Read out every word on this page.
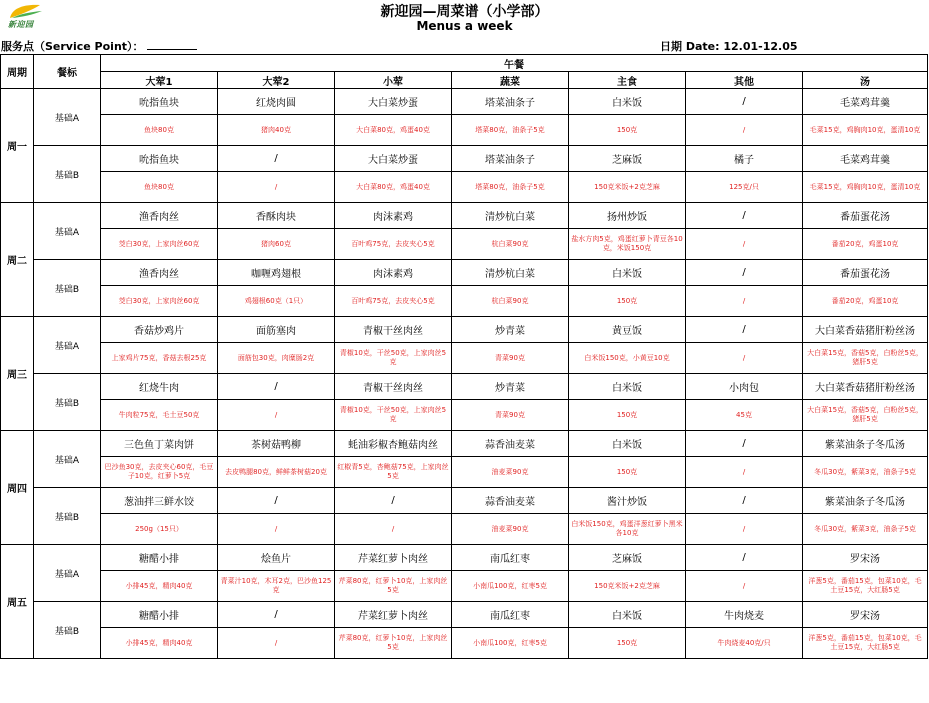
新迎园
新迎园—周菜谱（小学部）
Menus a week
服务点（Service Point）：	日期 Date: 12.01-12.05
周期	餐标	午餐						
		大荤1	大荤2	小荤	蔬菜	主食	其他	汤
周一	基础A	吮指鱼块	红烧肉圆	大白菜炒蛋	塔菜油条子	白米饭	/	毛菜鸡茸羹
		鱼块80克	猪肉40克	大白菜80克，鸡蛋40克	塔菜80克，油条子5克	150克	/	毛菜15克，鸡胸肉10克，蛋清10克
	基础B	吮指鱼块	/	大白菜炒蛋	塔菜油条子	芝麻饭	橘子	毛菜鸡茸羹
		鱼块80克	/	大白菜80克，鸡蛋40克	塔菜80克，油条子5克	150克米饭+2克芝麻	125克/只	毛菜15克，鸡胸肉10克，蛋清10克
周二	基础A	渔香肉丝	香酥肉块	肉沫素鸡	清炒杭白菜	扬州炒饭	/	番茄蛋花汤
		茭白30克，上家肉丝60克	猪肉60克	百叶鸡75克，去皮夹心5克	杭白菜90克	盐水方肉5克，鸡蛋红萝卜青豆各10克，米饭150克	/	番茄20克，鸡蛋10克
	基础B	渔香肉丝	咖喱鸡翅根	肉沫素鸡	清炒杭白菜	白米饭	/	番茄蛋花汤
		茭白30克，上家肉丝60克	鸡翅根60克（1只）	百叶鸡75克，去皮夹心5克	杭白菜90克	150克	/	番茄20克，鸡蛋10克
周三	基础A	香菇炒鸡片	面筋塞肉	青椒干丝肉丝	炒青菜	黄豆饭	/	大白菜香菇猪肝粉丝汤
		上家鸡片75克，香菇去根25克	面筋包30克，肉糜肠2克	青椒10克，干丝50克，上家肉丝5克	青菜90克	白米饭150克，小黄豆10克	/	大白菜15克，香菇5克，白粉丝5克，猪肝5克
	基础B	红烧牛肉	/	青椒干丝肉丝	炒青菜	白米饭	小肉包	大白菜香菇猪肝粉丝汤
		牛肉粒75克，毛土豆50克	/	青椒10克，干丝50克，上家肉丝5克	青菜90克	150克	45克	大白菜15克，香菇5克，白粉丝5克，猪肝5克
周四	基础A	三色鱼丁菜肉饼	茶树菇鸭柳	蚝油彩椒杏鲍菇肉丝	蒜香油麦菜	白米饭	/	紫菜油条子冬瓜汤
		巴沙鱼30克，去皮夹心60克，毛豆子10克，红萝卜5克	去皮鸭腿80克，鲜鲜茶树菇20克	红椒青5克，杏鲍菇75克，上家肉丝5克	油麦菜90克	150克	/	冬瓜30克，紫菜3克，油条子5克
	基础B	葱油拌三鲜水饺	/	/	蒜香油麦菜	酱汁炒饭	/	紫菜油条子冬瓜汤
		250g（15只）	/	/	油麦菜90克	白米饭150克，鸡蛋洋葱红萝卜黑米各10克	/	冬瓜30克，紫菜3克，油条子5克
周五	基础A	糖醋小排	烩鱼片	芹菜红萝卜肉丝	南瓜红枣	芝麻饭	/	罗宋汤
		小排45克，精肉40克	青菜汁10克，木耳2克，巴沙鱼125克	芹菜80克，红萝卜10克，上家肉丝5克	小南瓜100克，红枣5克	150克米饭+2克芝麻	/	洋葱5克，番茄15克，包菜10克，毛土豆15克，大红肠5克
	基础B	糖醋小排	/	芹菜红萝卜肉丝	南瓜红枣	白米饭	牛肉烧麦	罗宋汤
		小排45克，精肉40克	/	芹菜80克，红萝卜10克，上家肉丝5克	小南瓜100克，红枣5克	150克	牛肉烧麦40克/只	洋葱5克，番茄15克，包菜10克，毛土豆15克，大红肠5克
